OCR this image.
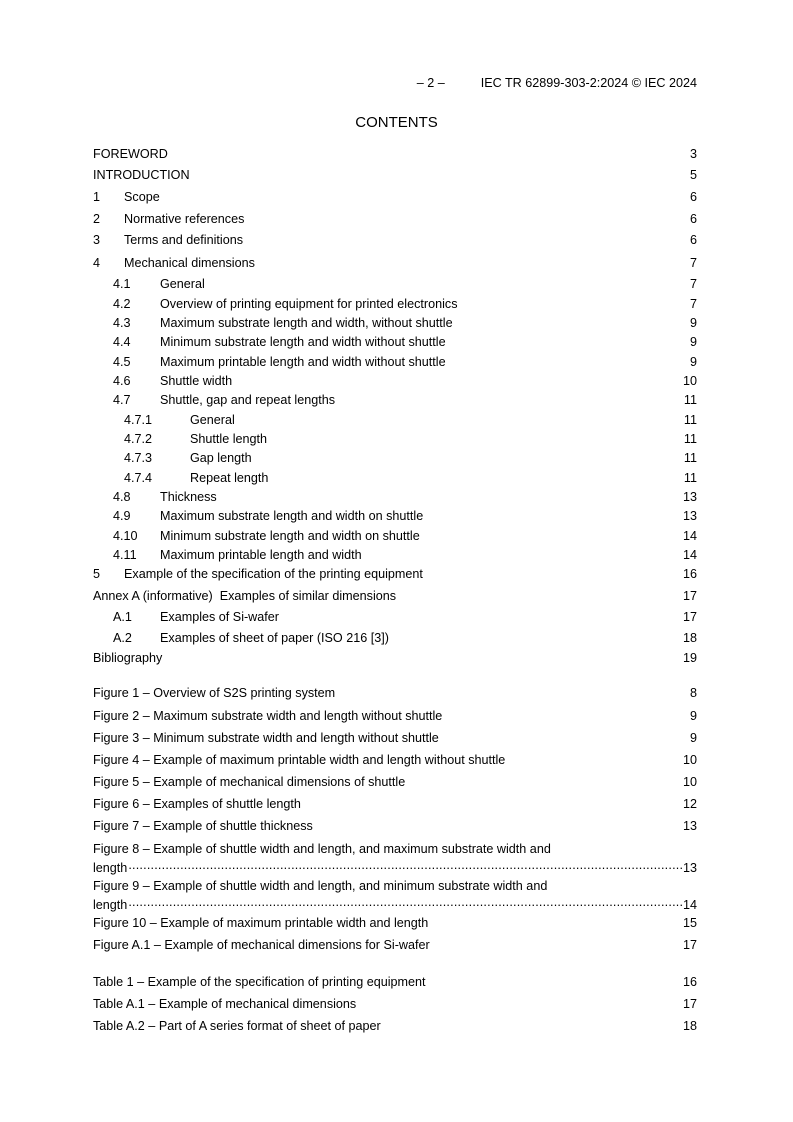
– 2 –	IEC TR 62899-303-2:2024 © IEC 2024
CONTENTS
FOREWORD	3
INTRODUCTION	5
1	Scope	6
2	Normative references	6
3	Terms and definitions	6
4	Mechanical dimensions	7
4.1	General	7
4.2	Overview of printing equipment for printed electronics	7
4.3	Maximum substrate length and width, without shuttle	9
4.4	Minimum substrate length and width without shuttle	9
4.5	Maximum printable length and width without shuttle	9
4.6	Shuttle width	10
4.7	Shuttle, gap and repeat lengths	11
4.7.1	General	11
4.7.2	Shuttle length	11
4.7.3	Gap length	11
4.7.4	Repeat length	11
4.8	Thickness	13
4.9	Maximum substrate length and width on shuttle	13
4.10	Minimum substrate length and width on shuttle	14
4.11	Maximum printable length and width	14
5	Example of the specification of the printing equipment	16
Annex A (informative)  Examples of similar dimensions	17
A.1	Examples of Si-wafer	17
A.2	Examples of sheet of paper (ISO 216 [3])	18
Bibliography	19
Figure 1 – Overview of S2S printing system	8
Figure 2 – Maximum substrate width and length without shuttle	9
Figure 3 – Minimum substrate width and length without shuttle	9
Figure 4 – Example of maximum printable width and length without shuttle	10
Figure 5 – Example of mechanical dimensions of shuttle	10
Figure 6 – Examples of shuttle length	12
Figure 7 – Example of shuttle thickness	13
Figure 8 – Example of shuttle width and length, and maximum substrate width and
length .....	13
Figure 9 – Example of shuttle width and length, and minimum substrate width and
length .....	14
Figure 10 – Example of maximum printable width and length	15
Figure A.1 – Example of mechanical dimensions for Si-wafer	17
Table 1 – Example of the specification of printing equipment	16
Table A.1 – Example of mechanical dimensions	17
Table A.2 – Part of A series format of sheet of paper	18
